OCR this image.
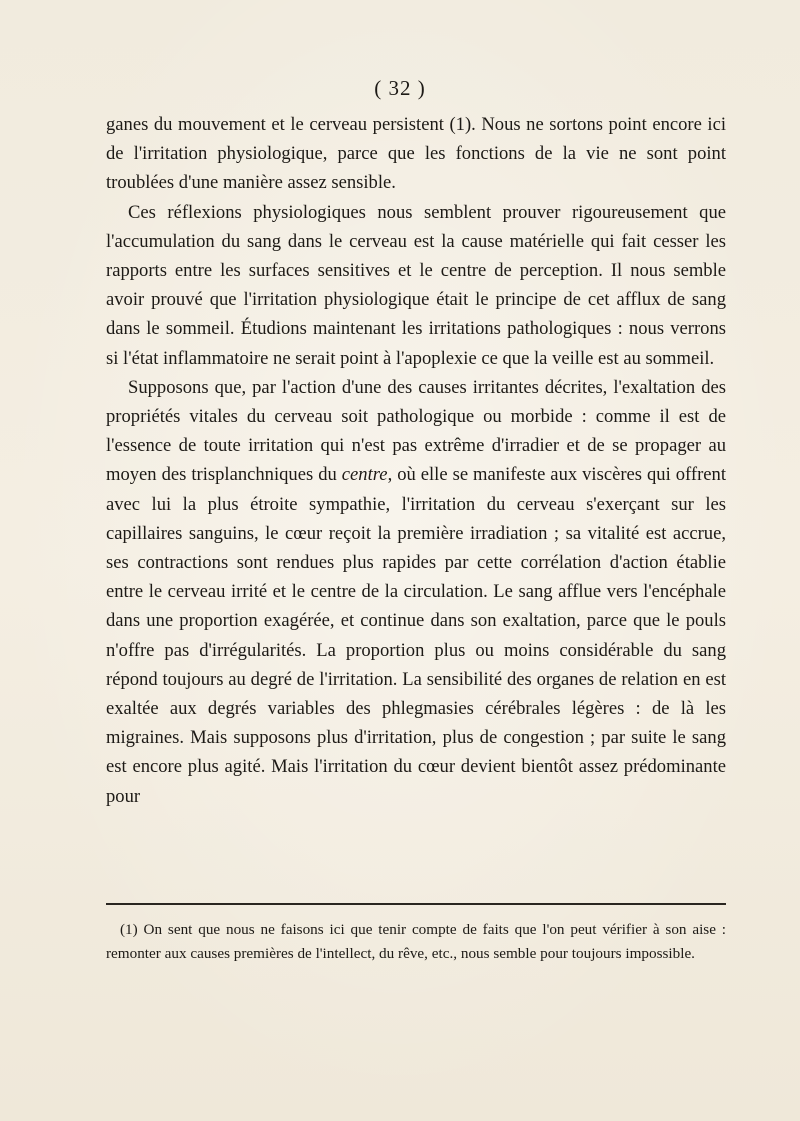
( 32 )

ganes du mouvement et le cerveau persistent (1). Nous ne sortons point encore ici de l'irritation physiologique, parce que les fonctions de la vie ne sont point troublées d'une manière assez sensible.

Ces réflexions physiologiques nous semblent prouver rigoureusement que l'accumulation du sang dans le cerveau est la cause matérielle qui fait cesser les rapports entre les surfaces sensitives et le centre de perception. Il nous semble avoir prouvé que l'irritation physiologique était le principe de cet afflux de sang dans le sommeil. Étudions maintenant les irritations pathologiques : nous verrons si l'état inflammatoire ne serait point à l'apoplexie ce que la veille est au sommeil.

Supposons que, par l'action d'une des causes irritantes décrites, l'exaltation des propriétés vitales du cerveau soit pathologique ou morbide : comme il est de l'essence de toute irritation qui n'est pas extrême d'irradier et de se propager au moyen des trisplanchniques du centre, où elle se manifeste aux viscères qui offrent avec lui la plus étroite sympathie, l'irritation du cerveau s'exerçant sur les capillaires sanguins, le cœur reçoit la première irradiation ; sa vitalité est accrue, ses contractions sont rendues plus rapides par cette corrélation d'action établie entre le cerveau irrité et le centre de la circulation. Le sang afflue vers l'encéphale dans une proportion exagérée, et continue dans son exaltation, parce que le pouls n'offre pas d'irrégularités. La proportion plus ou moins considérable du sang répond toujours au degré de l'irritation. La sensibilité des organes de relation en est exaltée aux degrés variables des phlegmasies cérébrales légères : de là les migraines. Mais supposons plus d'irritation, plus de congestion ; par suite le sang est encore plus agité. Mais l'irritation du cœur devient bientôt assez prédominante pour

(1) On sent que nous ne faisons ici que tenir compte de faits que l'on peut vérifier à son aise : remonter aux causes premières de l'intellect, du rêve, etc., nous semble pour toujours impossible.
